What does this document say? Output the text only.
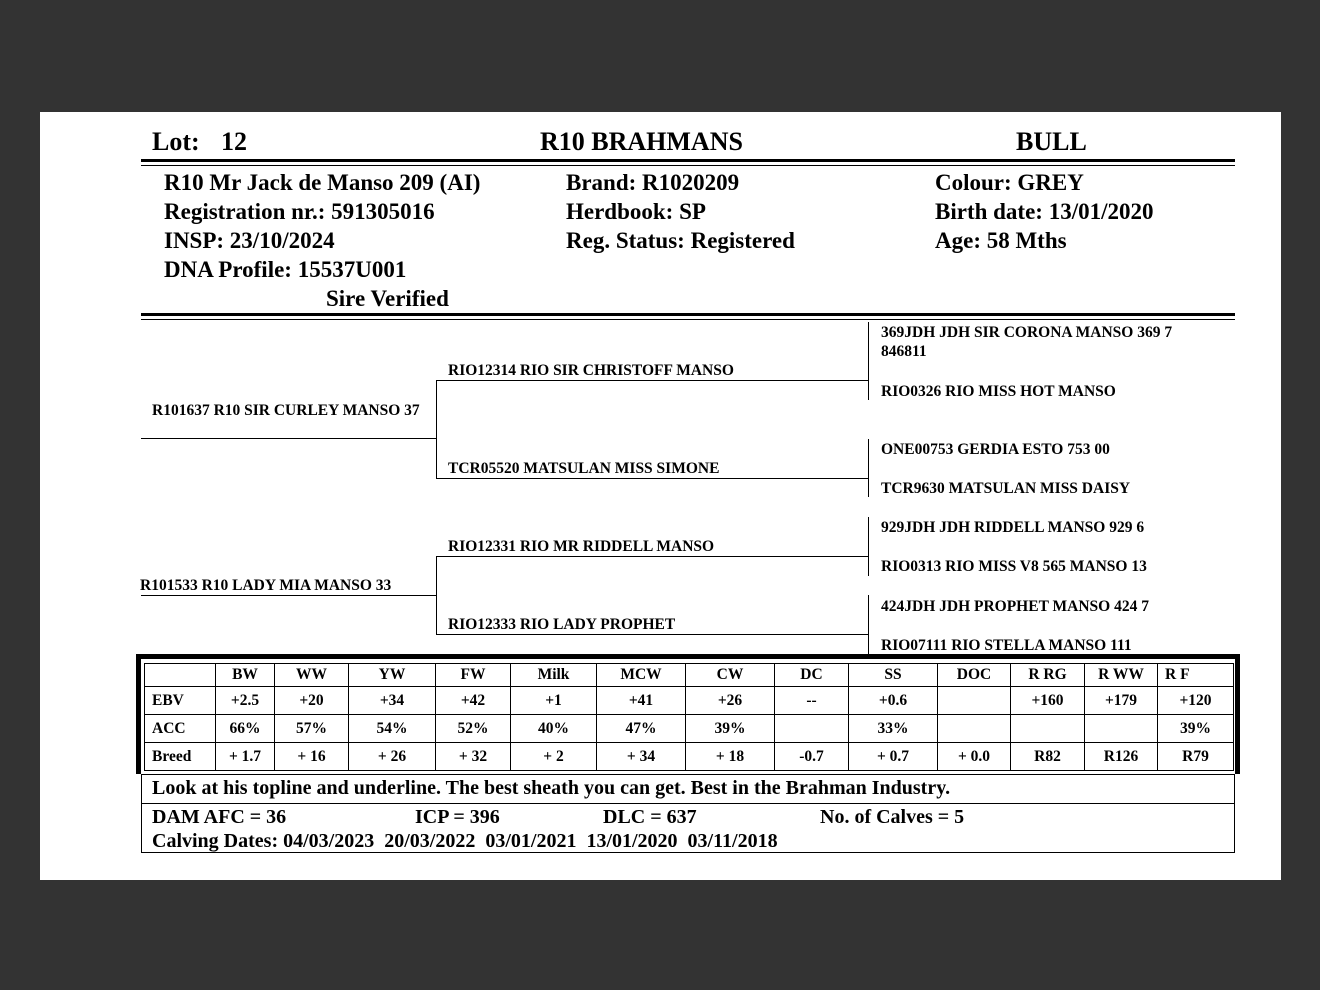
Lot: 12	R10 BRAHMANS	BULL
R10 Mr Jack de Manso 209 (AI)
Registration nr.: 591305016
INSP: 23/10/2024
DNA Profile: 15537U001
Sire Verified
Brand: R1020209
Herdbook: SP
Reg. Status: Registered
Colour: GREY
Birth date: 13/01/2020
Age: 58 Mths
R101637 R10 SIR CURLEY MANSO 37
R101533 R10 LADY MIA MANSO 33
RIO12314 RIO SIR CHRISTOFF MANSO
TCR05520 MATSULAN MISS SIMONE
RIO12331 RIO MR RIDDELL MANSO
RIO12333 RIO LADY PROPHET
369JDH JDH SIR CORONA MANSO 369 7 846811
RIO0326 RIO MISS HOT MANSO
ONE00753 GERDIA ESTO 753 00
TCR9630 MATSULAN MISS DAISY
929JDH JDH RIDDELL MANSO 929 6
RIO0313 RIO MISS V8 565 MANSO 13
424JDH JDH PROPHET MANSO 424 7
RIO07111 RIO STELLA MANSO 111
	BW	WW	YW	FW	Milk	MCW	CW	DC	SS	DOC	R RG	R WW	R F
EBV	+2.5	+20	+34	+42	+1	+41	+26	--	+0.6		+160	+179	+120
ACC	66%	57%	54%	52%	40%	47%	39%		33%				39%
Breed	+ 1.7	+ 16	+ 26	+ 32	+ 2	+ 34	+ 18	-0.7	+ 0.7	+ 0.0	R82	R126	R79
Look at his topline and underline. The best sheath you can get. Best in the Brahman Industry.
DAM AFC = 36	ICP = 396	DLC = 637	No. of Calves = 5
Calving Dates: 04/03/2023  20/03/2022  03/01/2021  13/01/2020  03/11/2018
